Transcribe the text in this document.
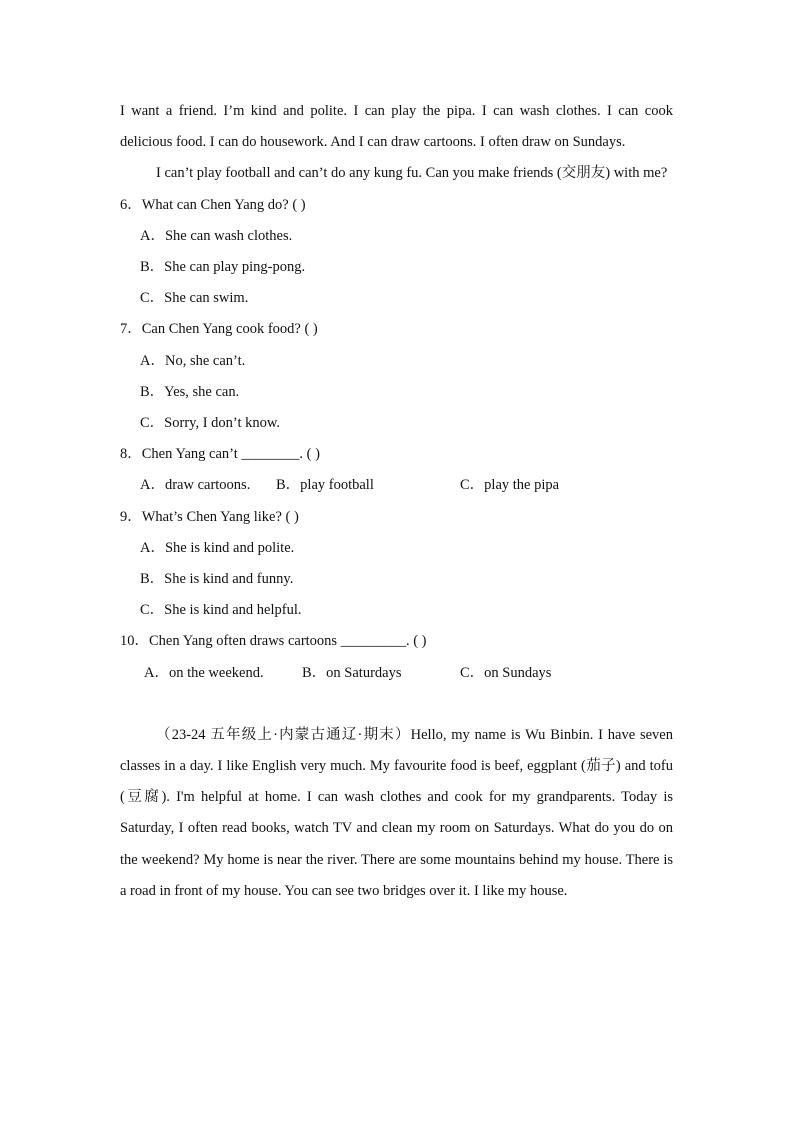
I want a friend. I’m kind and polite. I can play the pipa. I can wash clothes. I can cook delicious food. I can do housework. And I can draw cartoons. I often draw on Sundays.

I can’t play football and can’t do any kung fu. Can you make friends (交朋友) with me?

6．What can Chen Yang do? ( )

A．She can wash clothes.

B．She can play ping-pong.

C．She can swim.

7．Can Chen Yang cook food? ( )

A．No, she can’t.

B．Yes, she can.

C．Sorry, I don’t know.

8．Chen Yang can’t ________. ( )

A．draw cartoons.	B．play football	C．play the pipa

9．What’s Chen Yang like? ( )

A．She is kind and polite.

B．She is kind and funny.

C．She is kind and helpful.

10．Chen Yang often draws cartoons _________. ( )

A．on the weekend.	B．on Saturdays	C．on Sundays

（23-24 五年级上·内蒙古通辽·期末）Hello, my name is Wu Binbin. I have seven classes in a day. I like English very much. My favourite food is beef, eggplant (茄子) and tofu (豆腐). I'm helpful at home. I can wash clothes and cook for my grandparents. Today is Saturday, I often read books, watch TV and clean my room on Saturdays. What do you do on the weekend? My home is near the river. There are some mountains behind my house. There is a road in front of my house. You can see two bridges over it. I like my house.
